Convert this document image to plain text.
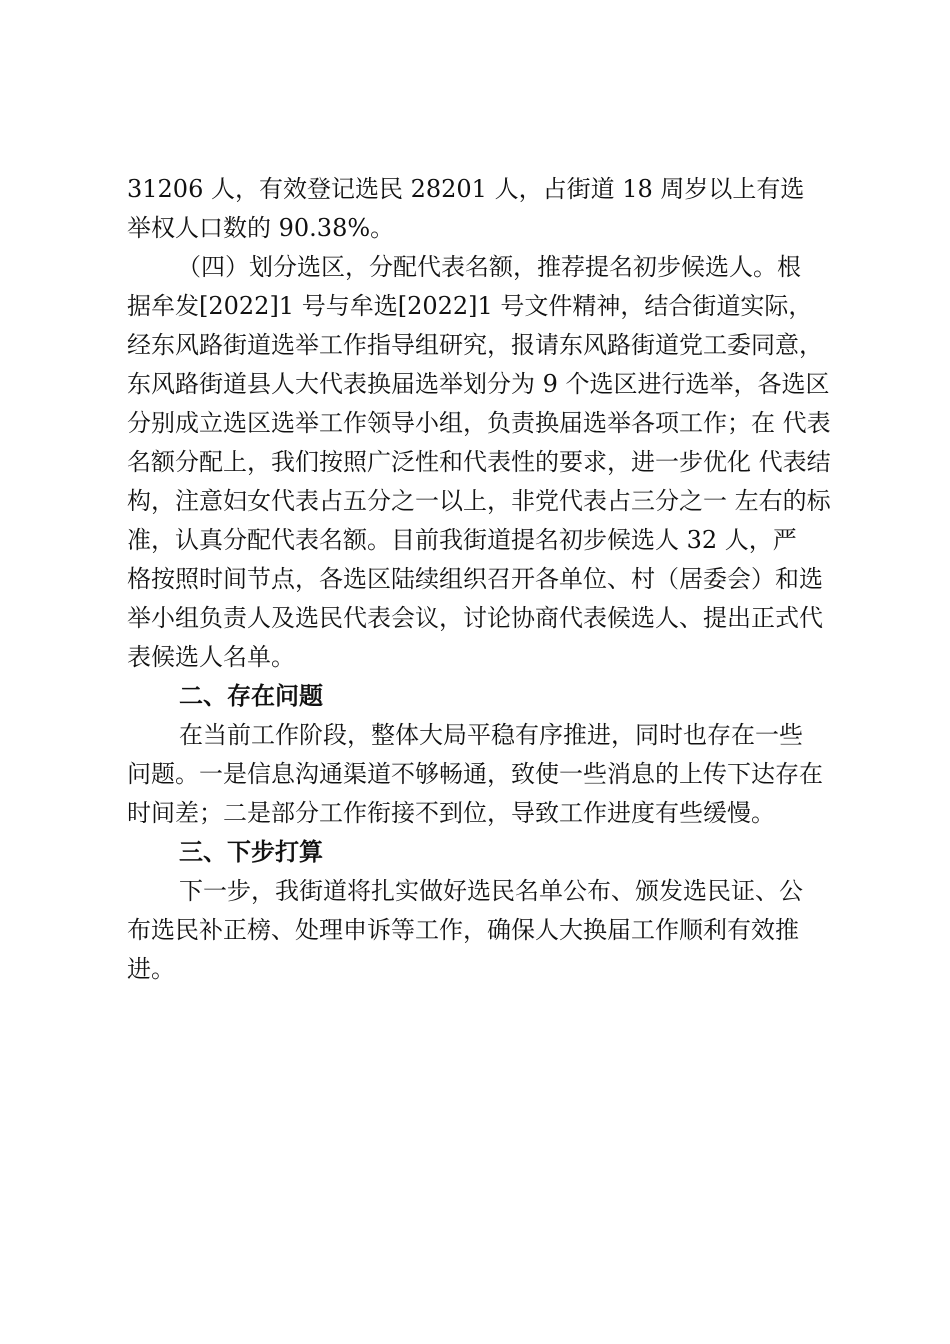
31206 人，有效登记选民 28201 人，占街道 18 周岁以上有选
举权人口数的 90.38%。
（四）划分选区，分配代表名额，推荐提名初步候选人。根
据牟发[2022]1 号与牟选[2022]1 号文件精神，结合街道实际，
经东风路街道选举工作指导组研究，报请东风路街道党工委同意，
东风路街道县人大代表换届选举划分为 9 个选区进行选举，各选区
分别成立选区选举工作领导小组，负责换届选举各项工作；在 代表
名额分配上，我们按照广泛性和代表性的要求，进一步优化 代表结
构，注意妇女代表占五分之一以上，非党代表占三分之一 左右的标
准，认真分配代表名额。目前我街道提名初步候选人 32 人，严
格按照时间节点，各选区陆续组织召开各单位、村（居委会）和选
举小组负责人及选民代表会议，讨论协商代表候选人、提出正式代
表候选人名单。
二、存在问题
在当前工作阶段，整体大局平稳有序推进，同时也存在一些
问题。一是信息沟通渠道不够畅通，致使一些消息的上传下达存在
时间差；二是部分工作衔接不到位，导致工作进度有些缓慢。
三、下步打算
下一步，我街道将扎实做好选民名单公布、颁发选民证、公
布选民补正榜、处理申诉等工作，确保人大换届工作顺利有效推
进。
